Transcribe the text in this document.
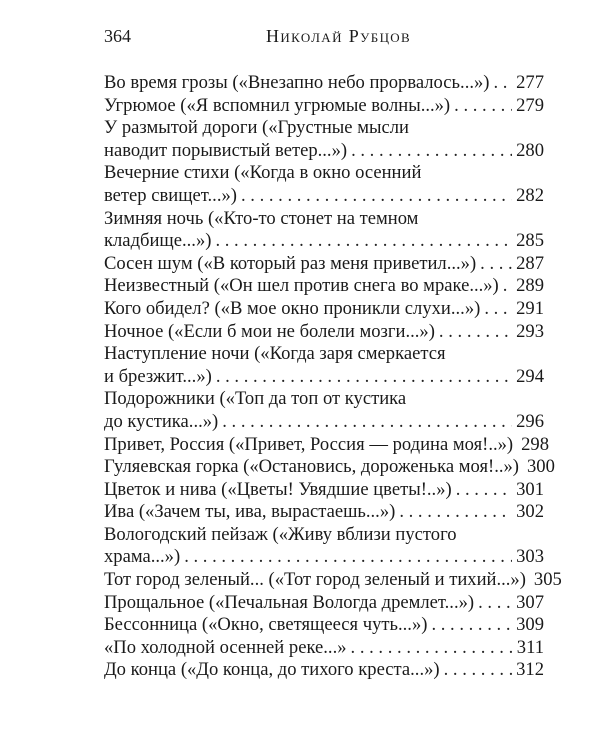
364	Николай Рубцов
Во время грозы («Внезапно небо прорвалось...») . . . 277
Угрюмое («Я вспомнил угрюмые волны...») . . .	279
У размытой дороги («Грустные мысли
наводит порывистый ветер...») . . .	280
Вечерние стихи («Когда в окно осенний
ветер свищет...») . . .	282
Зимняя ночь («Кто-то стонет на темном
кладбище...») . . .	285
Сосен шум («В который раз меня приветил...») . . . 287
Неизвестный («Он шел против снега во мраке...») . . . 289
Кого обидел? («В мое окно проникли слухи...») . . . 291
Ночное («Если б мои не болели мозги...») . . .	293
Наступление ночи («Когда заря смеркается
и брезжит...») . . .	294
Подорожники («Топ да топ от кустика
до кустика...») . . .	296
Привет, Россия («Привет, Россия — родина моя!..») 298
Гуляевская горка («Остановись, дороженька моя!..») 300
Цветок и нива («Цветы! Увядшие цветы!..») . . .	301
Ива («Зачем ты, ива, вырастаешь...») . . .	302
Вологодский пейзаж («Живу вблизи пустого
храма...») . . .	303
Тот город зеленый... («Тот город зеленый и тихий...») 305
Прощальное («Печальная Вологда дремлет...») . . . 307
Бессонница («Окно, светящееся чуть...») . . .	309
«По холодной осенней реке...» . . .	311
До конца («До конца, до тихого креста...») . . .	312
